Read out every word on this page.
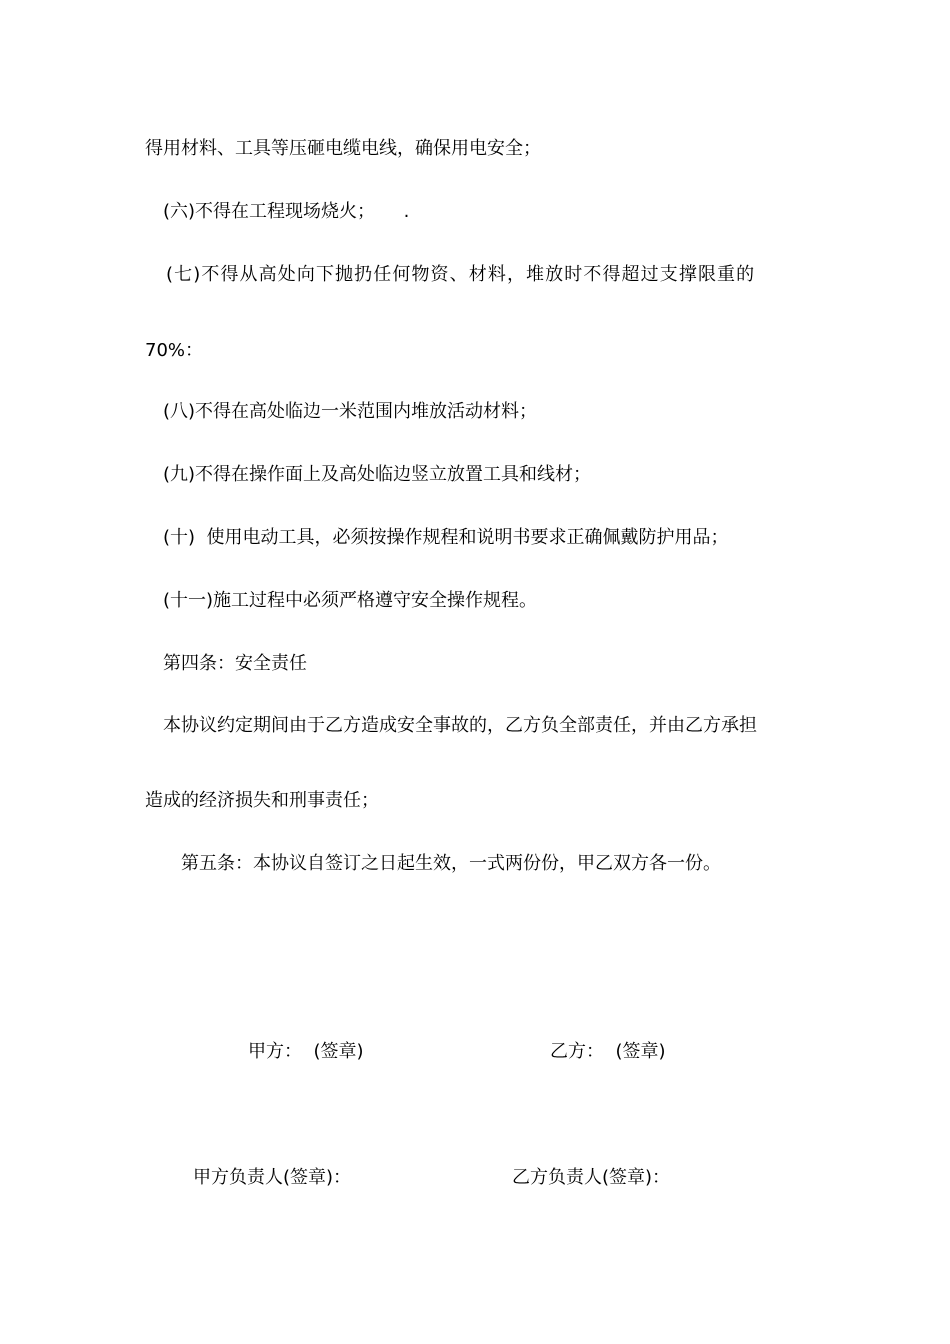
得用材料、工具等压砸电缆电线，确保用电安全；
(六)不得在工程现场烧火；     .
(七)不得从高处向下抛扔任何物资、材料，堆放时不得超过支撑限重的
70%：
(八)不得在高处临边一米范围内堆放活动材料；
(九)不得在操作面上及高处临边竖立放置工具和线材；
(十)  使用电动工具，必须按操作规程和说明书要求正确佩戴防护用品；
(十一)施工过程中必须严格遵守安全操作规程。
第四条：安全责任
本协议约定期间由于乙方造成安全事故的，乙方负全部责任，并由乙方承担
造成的经济损失和刑事责任；
第五条：本协议自签订之日起生效，一式两份份，甲乙双方各一份。
甲方：  (签章)	乙方：  (签章)
甲方负责人(签章)：	乙方负责人(签章)：
